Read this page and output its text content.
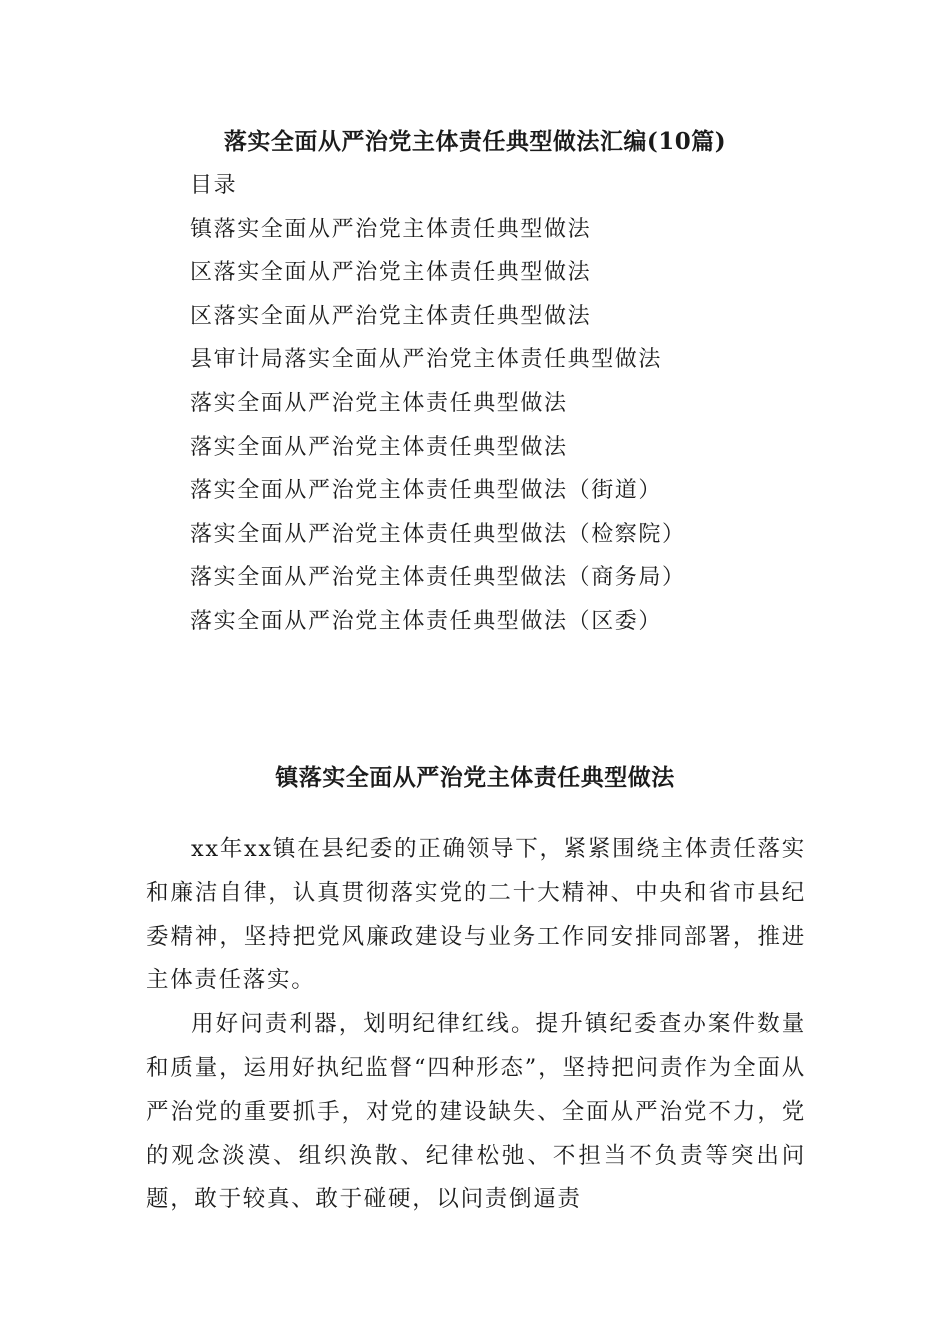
落实全面从严治党主体责任典型做法汇编(10篇)
目录
镇落实全面从严治党主体责任典型做法
区落实全面从严治党主体责任典型做法
区落实全面从严治党主体责任典型做法
县审计局落实全面从严治党主体责任典型做法
落实全面从严治党主体责任典型做法
落实全面从严治党主体责任典型做法
落实全面从严治党主体责任典型做法（街道）
落实全面从严治党主体责任典型做法（检察院）
落实全面从严治党主体责任典型做法（商务局）
落实全面从严治党主体责任典型做法（区委）
镇落实全面从严治党主体责任典型做法

xx年xx镇在县纪委的正确领导下，紧紧围绕主体责任落实和廉洁自律，认真贯彻落实党的二十大精神、中央和省市县纪委精神，坚持把党风廉政建设与业务工作同安排同部署，推进主体责任落实。

用好问责利器，划明纪律红线。提升镇纪委查办案件数量和质量，运用好执纪监督“四种形态”，坚持把问责作为全面从严治党的重要抓手，对党的建设缺失、全面从严治党不力，党的观念淡漠、组织涣散、纪律松弛、不担当不负责等突出问题，敢于较真、敢于碰硬，以问责倒逼责
